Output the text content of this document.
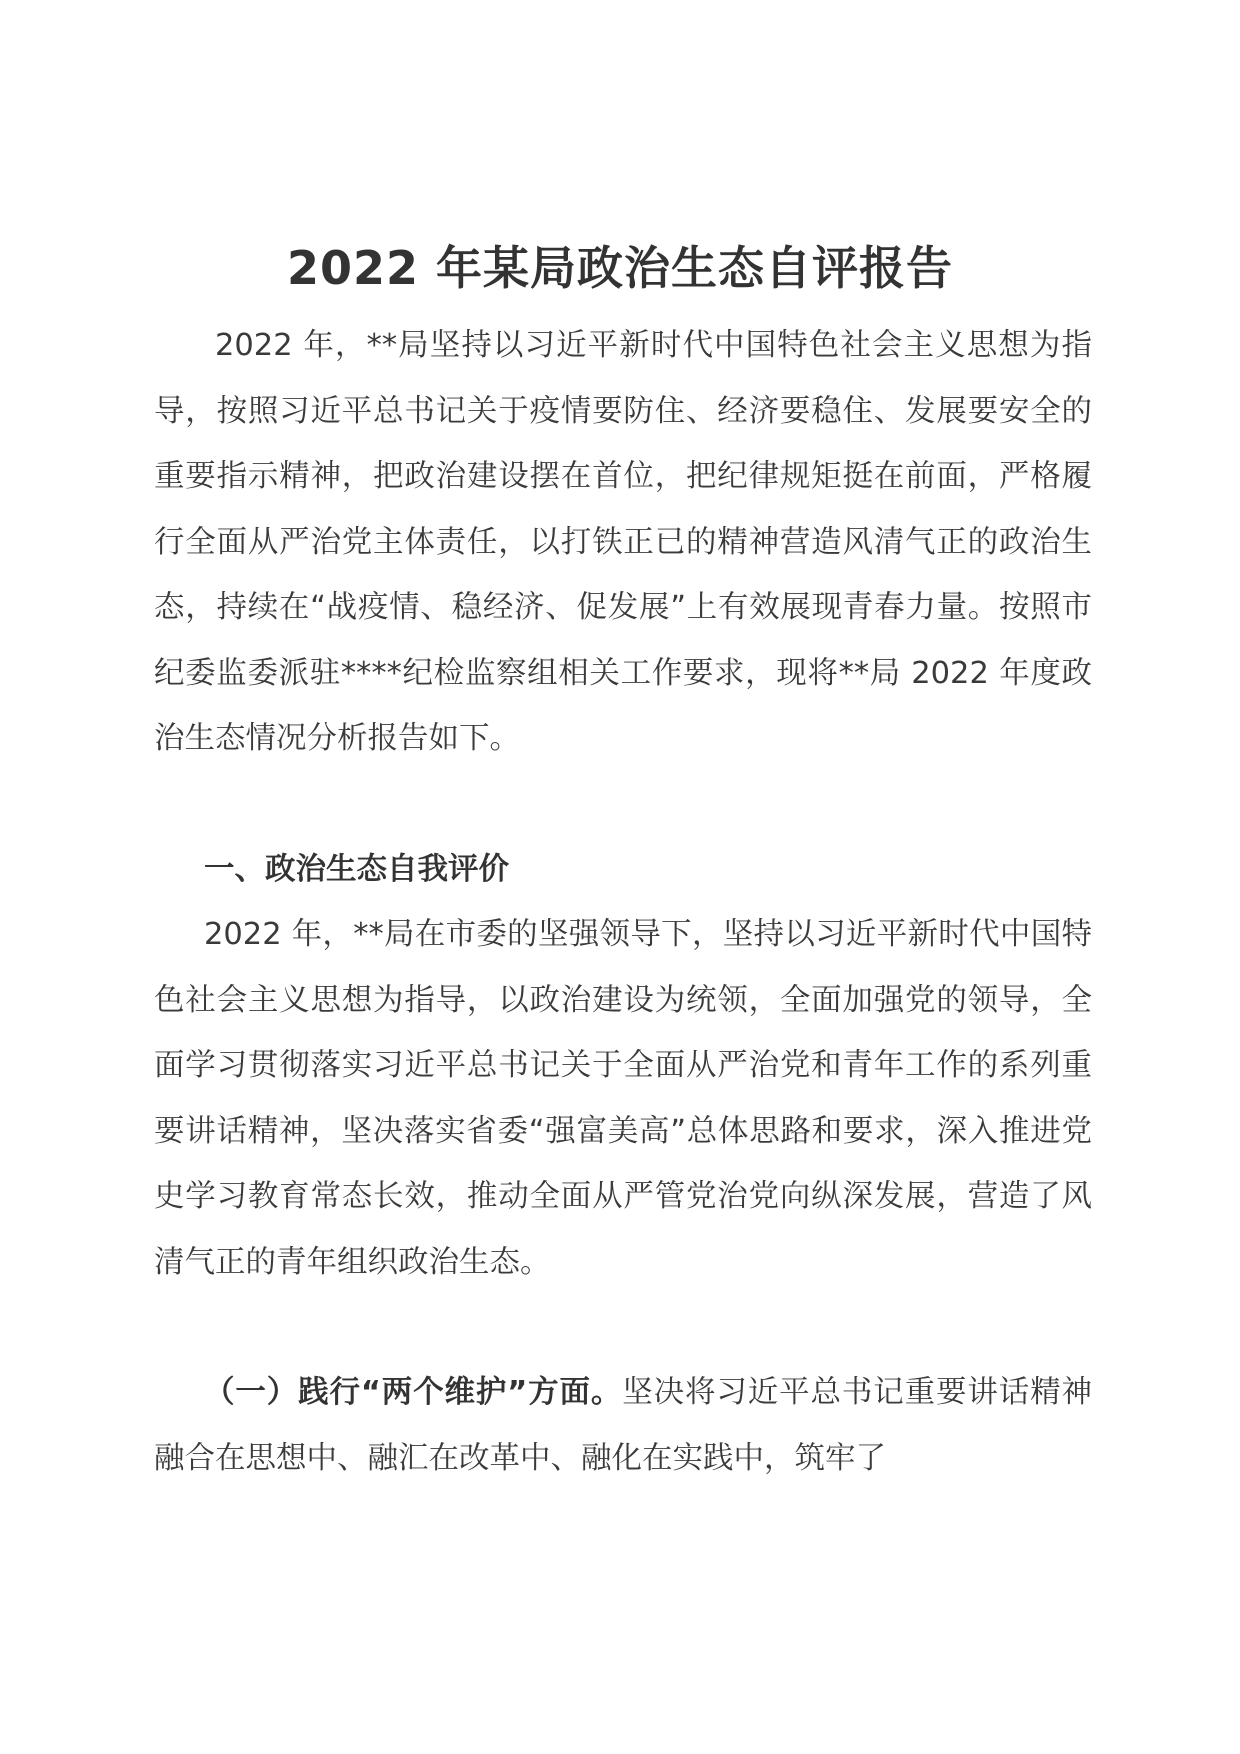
2022 年某局政治生态自评报告

2022 年，**局坚持以习近平新时代中国特色社会主义思想为指导，按照习近平总书记关于疫情要防住、经济要稳住、发展要安全的重要指示精神，把政治建设摆在首位，把纪律规矩挺在前面，严格履行全面从严治党主体责任，以打铁正已的精神营造风清气正的政治生态，持续在“战疫情、稳经济、促发展”上有效展现青春力量。按照市纪委监委派驻****纪检监察组相关工作要求，现将**局 2022 年度政治生态情况分析报告如下。

一、政治生态自我评价

2022 年，**局在市委的坚强领导下，坚持以习近平新时代中国特色社会主义思想为指导，以政治建设为统领，全面加强党的领导，全面学习贯彻落实习近平总书记关于全面从严治党和青年工作的系列重要讲话精神，坚决落实省委“强富美高”总体思路和要求，深入推进党史学习教育常态长效，推动全面从严管党治党向纵深发展，营造了风清气正的青年组织政治生态。

（一）践行“两个维护”方面。坚决将习近平总书记重要讲话精神融合在思想中、融汇在改革中、融化在实践中，筑牢了
